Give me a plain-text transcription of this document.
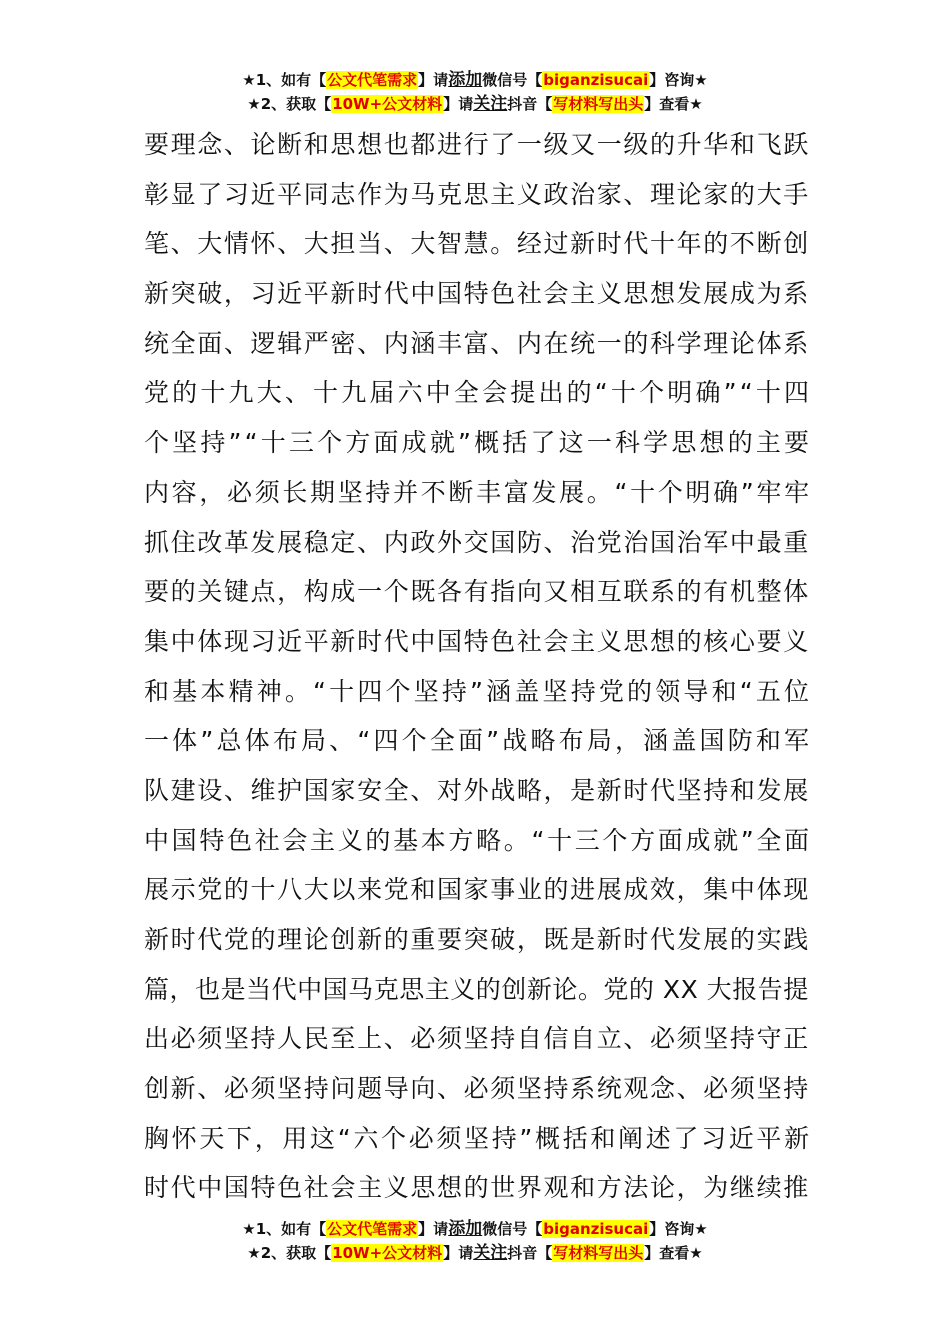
★1、如有【公文代笔需求】请添加微信号【biganzisucai】咨询★
★2、获取【10W+公文材料】请关注抖音【写材料写出头】查看★
要理念、论断和思想也都进行了一级又一级的升华和飞跃
彰显了习近平同志作为马克思主义政治家、理论家的大手
笔、大情怀、大担当、大智慧。经过新时代十年的不断创
新突破，习近平新时代中国特色社会主义思想发展成为系
统全面、逻辑严密、内涵丰富、内在统一的科学理论体系
党的十九大、十九届六中全会提出的“十个明确”“十四
个坚持”“十三个方面成就”概括了这一科学思想的主要
内容，必须长期坚持并不断丰富发展。“十个明确”牢牢
抓住改革发展稳定、内政外交国防、治党治国治军中最重
要的关键点，构成一个既各有指向又相互联系的有机整体
集中体现习近平新时代中国特色社会主义思想的核心要义
和基本精神。“十四个坚持”涵盖坚持党的领导和“五位
一体”总体布局、“四个全面”战略布局，涵盖国防和军
队建设、维护国家安全、对外战略，是新时代坚持和发展
中国特色社会主义的基本方略。“十三个方面成就”全面
展示党的十八大以来党和国家事业的进展成效，集中体现
新时代党的理论创新的重要突破，既是新时代发展的实践
篇，也是当代中国马克思主义的创新论。党的 XX 大报告提
出必须坚持人民至上、必须坚持自信自立、必须坚持守正
创新、必须坚持问题导向、必须坚持系统观念、必须坚持
胸怀天下，用这“六个必须坚持”概括和阐述了习近平新
时代中国特色社会主义思想的世界观和方法论，为继续推
★1、如有【公文代笔需求】请添加微信号【biganzisucai】咨询★
★2、获取【10W+公文材料】请关注抖音【写材料写出头】查看★
